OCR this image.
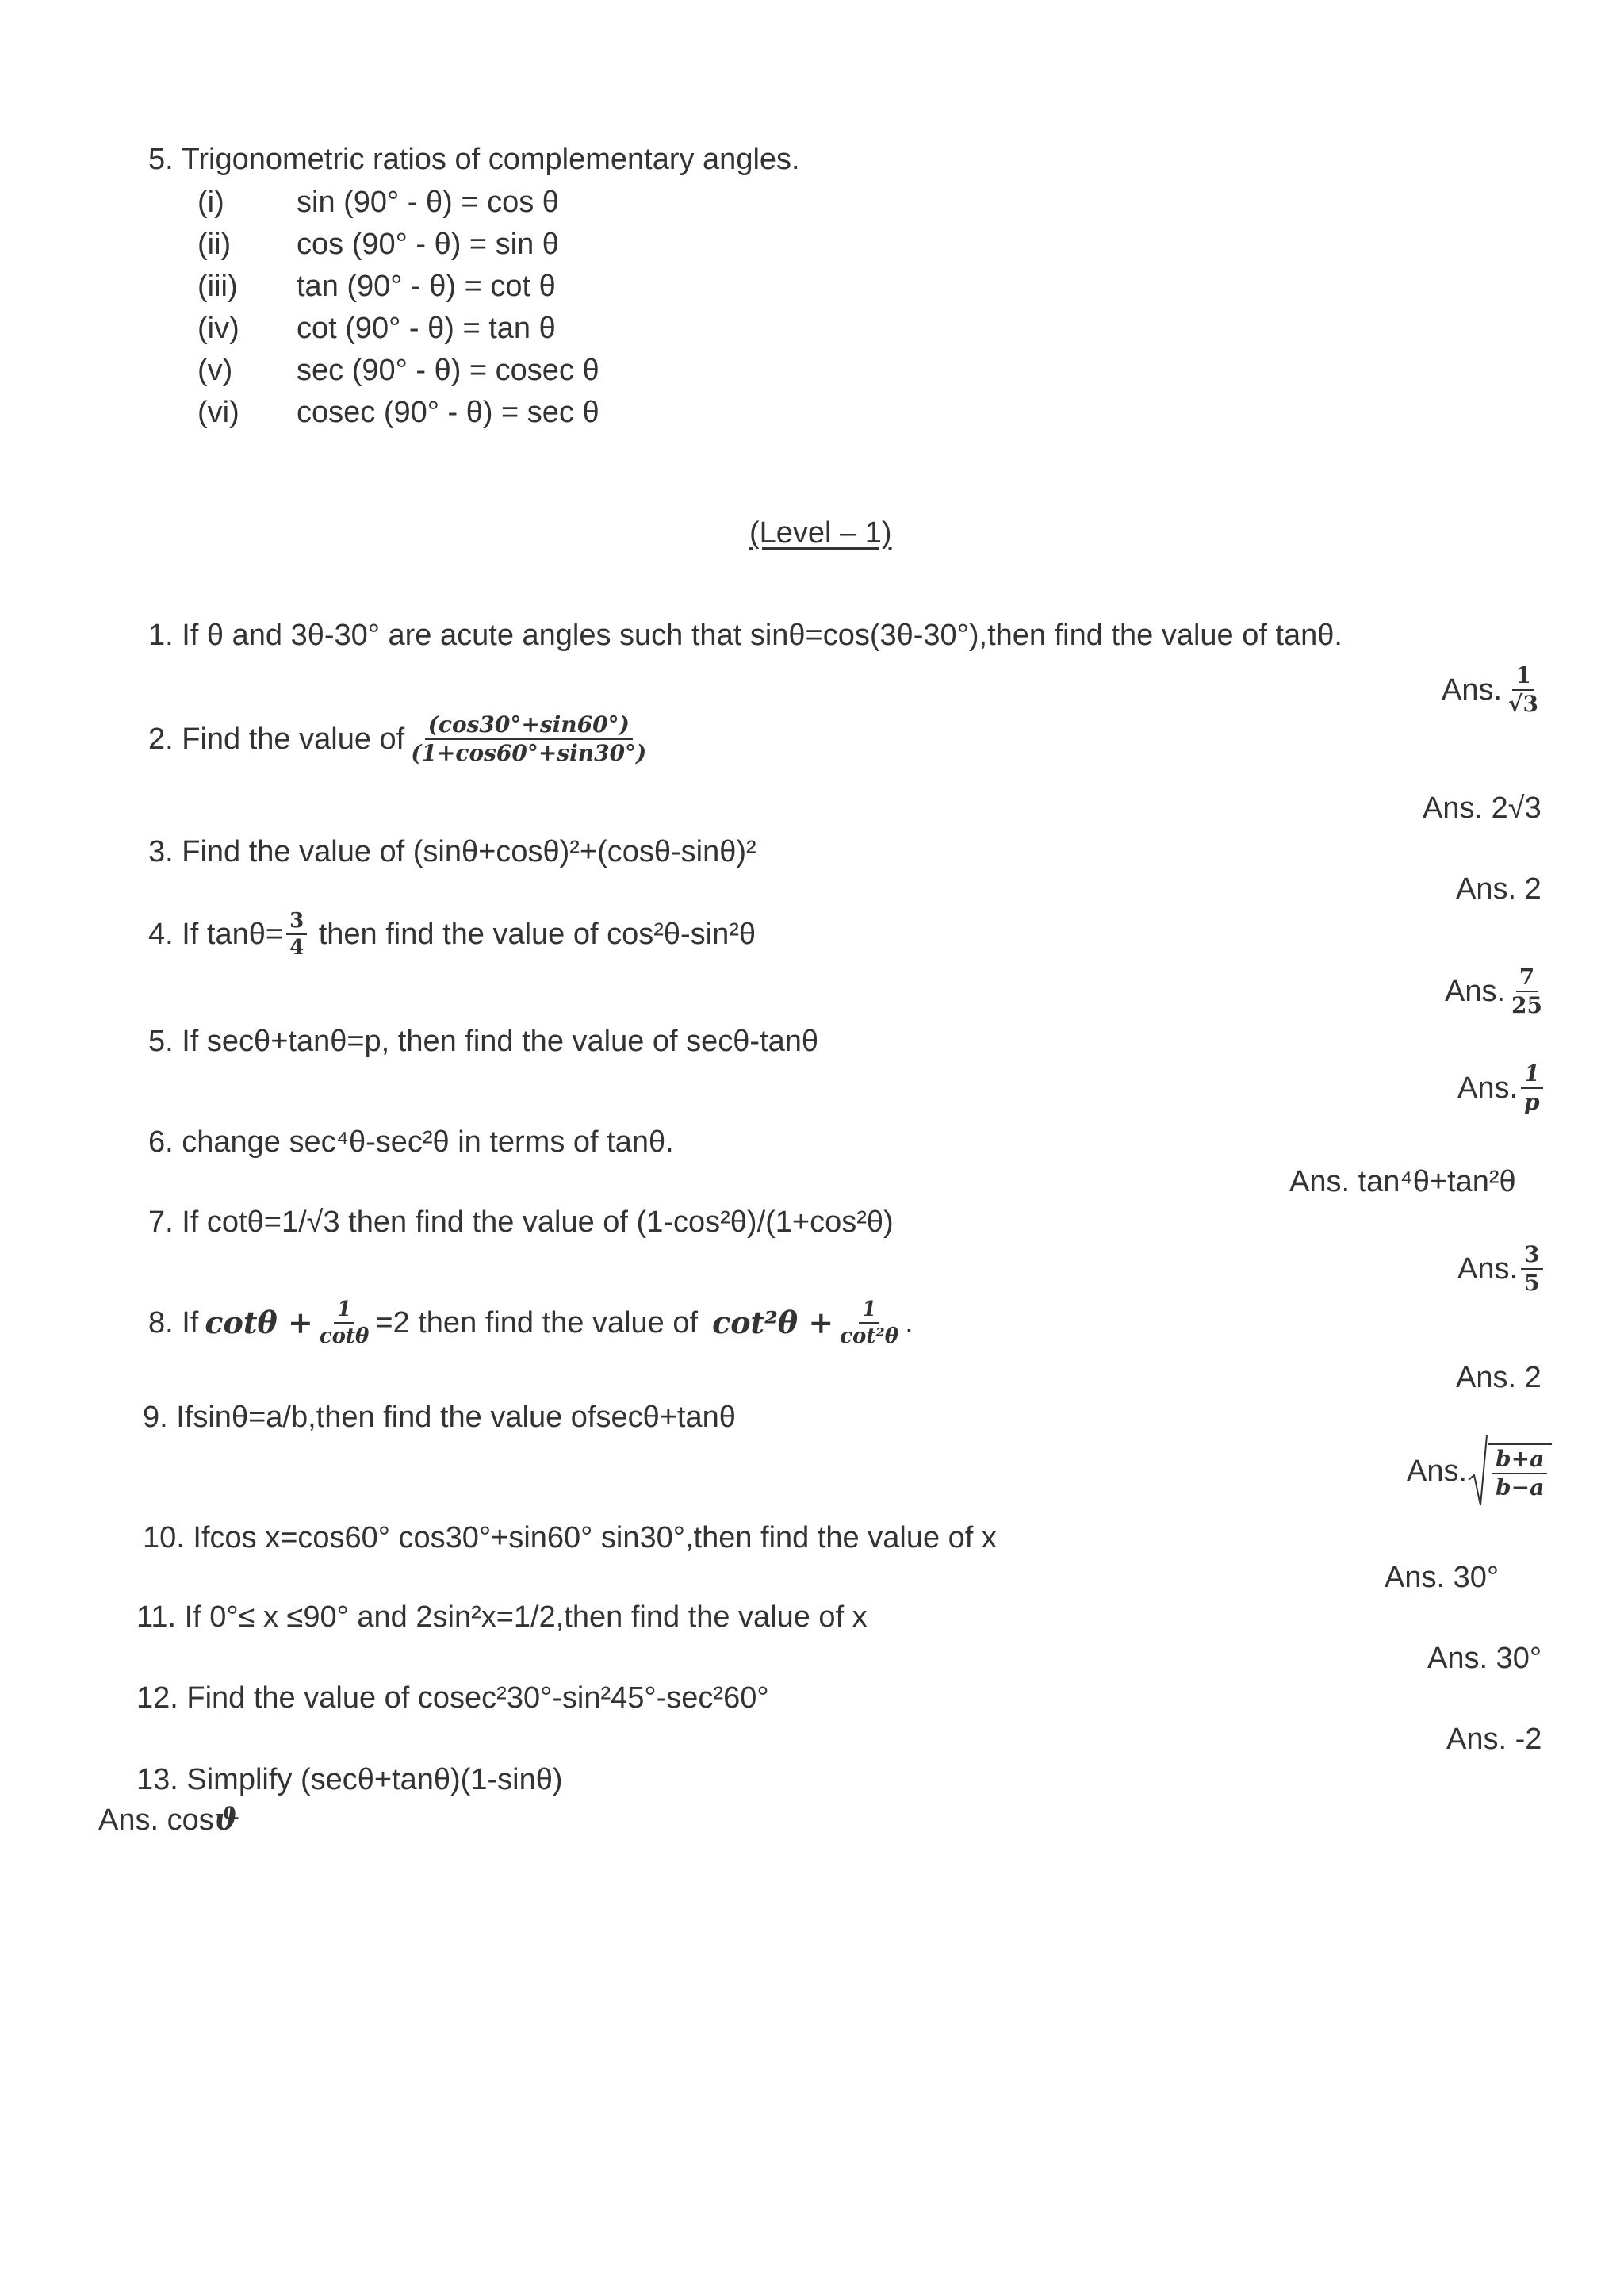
5. Trigonometric ratios of complementary angles.
(i) sin (90° - θ) = cos θ
(ii) cos (90° - θ) = sin θ
(iii) tan (90° - θ) = cot θ
(iv) cot (90° - θ) = tan θ
(v) sec (90° - θ) = cosec θ
(vi) cosec (90° - θ) = sec θ
(Level – 1)
1. If θ and 3θ-30° are acute angles such that sinθ=cos(3θ-30°),then find the value of tanθ.
Ans. $\frac{1}{√3}$
2. Find the value of $\frac{(\cos 30^\circ+\sin 60^\circ)}{(1+\cos 60^\circ+\sin 30^\circ)}$
Ans. 2√3
3. Find the value of (sinθ+cosθ)²+(cosθ-sinθ)²
Ans. 2
4. If $\tan\theta= \frac{3}{4}$ then find the value of cos²θ-sin²θ
Ans. $\frac{7}{25}$
5. If secθ+tanθ=p, then find the value of secθ-tanθ
Ans. $\frac{1}{p}$
6. change sec⁴θ-sec²θ in terms of tanθ.
Ans. tan⁴θ+tan²θ
7. If cotθ=1/√3 then find the value of (1-cos²θ)/(1+cos²θ)
Ans. $\frac{3}{5}$
8. If $\cot\theta + \frac{1}{\cot\theta} =2$ then find the value of $\cot^2\theta + \frac{1}{\text{cot²θ}}$ .
Ans. 2
9. Ifsinθ=a/b,then find the value ofsecθ+tanθ
Ans. $\frac{b+a}{b-a}$
10. Ifcos x=cos60° cos30°+sin60° sin30°,then find the value of x
Ans. 30°
11. If 0°≤ x ≤90° and 2sin²x=1/2,then find the value of x
Ans. 30°
12. Find the value of cosec²30°-sin²45°-sec²60°
Ans. -2
13. Simplify (secθ+tanθ)(1-sinθ)
Ans. cosϑ
